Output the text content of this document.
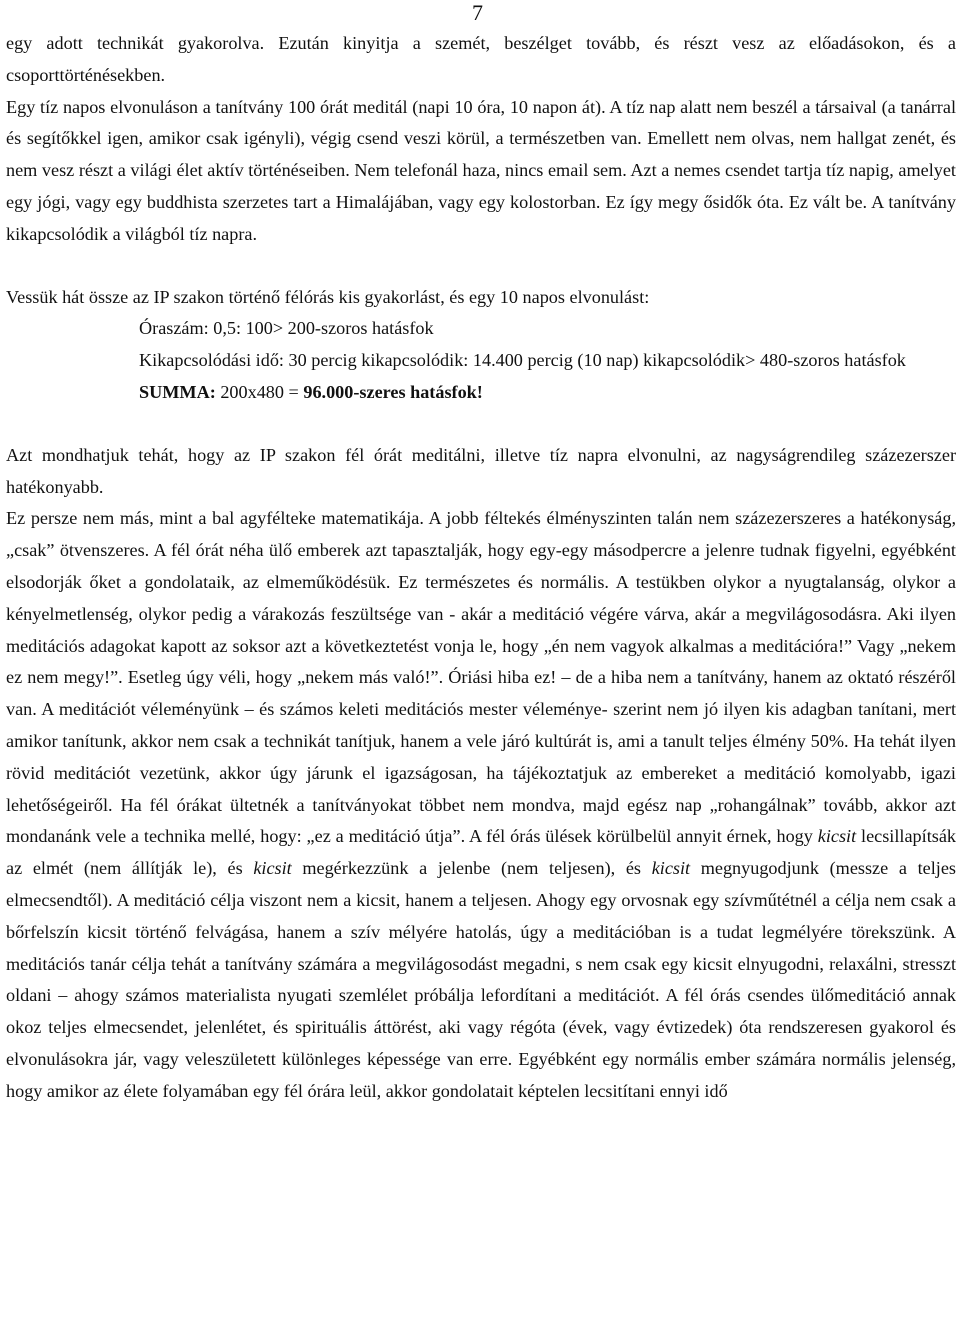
7

egy adott technikát gyakorolva. Ezután kinyitja a szemét, beszélget tovább, és részt vesz az előadásokon, és a csoporttörténésekben.

Egy tíz napos elvonuláson a tanítvány 100 órát meditál (napi 10 óra, 10 napon át). A tíz nap alatt nem beszél a társaival (a tanárral és segítőkkel igen, amikor csak igényli), végig csend veszi körül, a természetben van. Emellett nem olvas, nem hallgat zenét, és nem vesz részt a világi élet aktív történéseiben. Nem telefonál haza, nincs email sem. Azt a nemes csendet tartja tíz napig, amelyet egy jógi, vagy egy buddhista szerzetes tart a Himalájában, vagy egy kolostorban. Ez így megy ősidők óta. Ez vált be. A tanítvány kikapcsolódik a világból tíz napra.

Vessük hát össze az IP szakon történő félórás kis gyakorlást, és egy 10 napos elvonulást:

Óraszám: 0,5: 100> 200-szoros hatásfok
Kikapcsolódási idő: 30 percig kikapcsolódik: 14.400 percig (10 nap) kikapcsolódik> 480-szoros hatásfok
SUMMA: 200x480 = 96.000-szeres hatásfok!

Azt mondhatjuk tehát, hogy az IP szakon fél órát meditálni, illetve tíz napra elvonulni, az nagyságrendileg százezerszer hatékonyabb.

Ez persze nem más, mint a bal agyfélteke matematikája. A jobb féltekés élményszinten talán nem százezerszeres a hatékonyság, „csak” ötvenszeres. A fél órát néha ülő emberek azt tapasztalják, hogy egy-egy másodpercre a jelenre tudnak figyelni, egyébként elsodorják őket a gondolataik, az elmeműködésük. Ez természetes és normális. A testükben olykor a nyugtalanság, olykor a kényelmetlenség, olykor pedig a várakozás feszültsége van - akár a meditáció végére várva, akár a megvilágosodásra. Aki ilyen meditációs adagokat kapott az soksor azt a következtetést vonja le, hogy „én nem vagyok alkalmas a meditációra!” Vagy „nekem ez nem megy!”. Esetleg úgy véli, hogy „nekem más való!”. Óriási hiba ez! – de a hiba nem a tanítvány, hanem az oktató részéről van. A meditációt véleményünk – és számos keleti meditációs mester véleménye- szerint nem jó ilyen kis adagban tanítani, mert amikor tanítunk, akkor nem csak a technikát tanítjuk, hanem a vele járó kultúrát is, ami a tanult teljes élmény 50%. Ha tehát ilyen rövid meditációt vezetünk, akkor úgy járunk el igazságosan, ha tájékoztatjuk az embereket a meditáció komolyabb, igazi lehetőségeiről. Ha fél órákat ültetnék a tanítványokat többet nem mondva, majd egész nap „rohangálnak” tovább, akkor azt mondanánk vele a technika mellé, hogy: „ez a meditáció útja”. A fél órás ülések körülbelül annyit érnek, hogy kicsit lecsillapítsák az elmét (nem állítják le), és kicsit megérkezzünk a jelenbe (nem teljesen), és kicsit megnyugodjunk (messze a teljes elmecsendtől). A meditáció célja viszont nem a kicsit, hanem a teljesen. Ahogy egy orvosnak egy szívműtétnél a célja nem csak a bőrfelszín kicsit történő felvágása, hanem a szív mélyére hatolás, úgy a meditációban is a tudat legmélyére törekszünk. A meditációs tanár célja tehát a tanítvány számára a megvilágosodást megadni, s nem csak egy kicsit elnyugodni, relaxálni, stresszt oldani – ahogy számos materialista nyugati szemlélet próbálja lefordítani a meditációt. A fél órás csendes ülőmeditáció annak okoz teljes elmecsendet, jelenlétet, és spirituális áttörést, aki vagy régóta (évek, vagy évtizedek) óta rendszeresen gyakorol és elvonulásokra jár, vagy veleszületett különleges képessége van erre. Egyébként egy normális ember számára normális jelenség, hogy amikor az élete folyamában egy fél órára leül, akkor gondolatait képtelen lecsitítani ennyi idő
